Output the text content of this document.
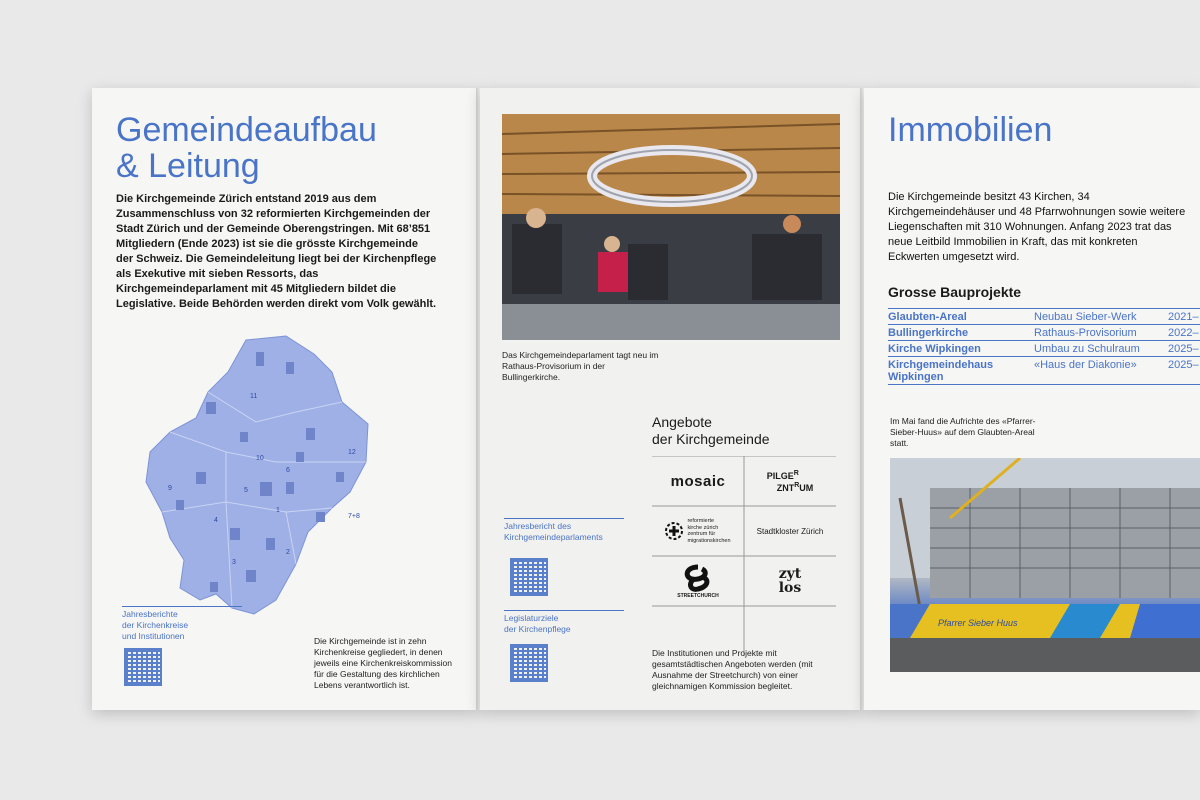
Gemeindeaufbau
& Leitung
Die Kirchgemeinde Zürich entstand 2019 aus dem Zusammenschluss von 32 reformierten Kirchgemeinden der Stadt Zürich und der Gemeinde Oberengstringen. Mit 68’851 Mitgliedern (Ende 2023) ist sie die grösste Kirchgemeinde der Schweiz. Die Gemeindeleitung liegt bei der Kirchenpflege als Exekutive mit sieben Ressorts, das Kirchgemeindeparlament mit 45 Mitgliedern bildet die Legislative. Beide Behörden werden direkt vom Volk gewählt.
11
10
12
6
9
7+8
3
2
1
4
5
Jahresberichte
der Kirchenkreise
und Institutionen	Die Kirchgemeinde ist in zehn Kirchenkreise gegliedert, in denen jeweils eine Kirchenkreiskommission für die Gestaltung des kirchlichen Lebens verantwortlich ist.
Das Kirchgemeindeparlament tagt neu im Rathaus-Provisorium in der Bullingerkirche.
Jahresbericht des
Kirchgemeindeparlaments
Legislaturziele
der Kirchenpflege
Angebote
der Kirchgemeinde
mosaic	$PILGE^R$
$ZNT^RUM$
reformierte
kirche zürich
zentrum für
migrationskirchen
Stadtkloster Zürich
STREETCHURCH
zyt
los
Die Institutionen und Projekte mit gesamtstädtischen Angeboten werden (mit Ausnahme der Streetchurch) von einer gleichnamigen Kommission begleitet.
Immobilien
Die Kirchgemeinde besitzt 43 Kirchen, 34 Kirchgemeindehäuser und 48 Pfarrwohnungen sowie weitere Liegenschaften mit 310 Wohnungen. Anfang 2023 trat das neue Leitbild Immobilien in Kraft, das mit konkreten Eckwerten umgesetzt wird.
Grosse Bauprojekte
Glaubten-Areal	Neubau Sieber-Werk	2021–
Bullingerkirche	Rathaus-Provisorium	2022–
Kirche Wipkingen	Umbau zu Schulraum	2025–
Kirchgemeindehaus Wipkingen	«Haus der Diakonie»	2025–
Im Mai fand die Aufrichte des «Pfarrer-Sieber-Huus» auf dem Glaubten-Areal statt.
Pfarrer Sieber Huus
